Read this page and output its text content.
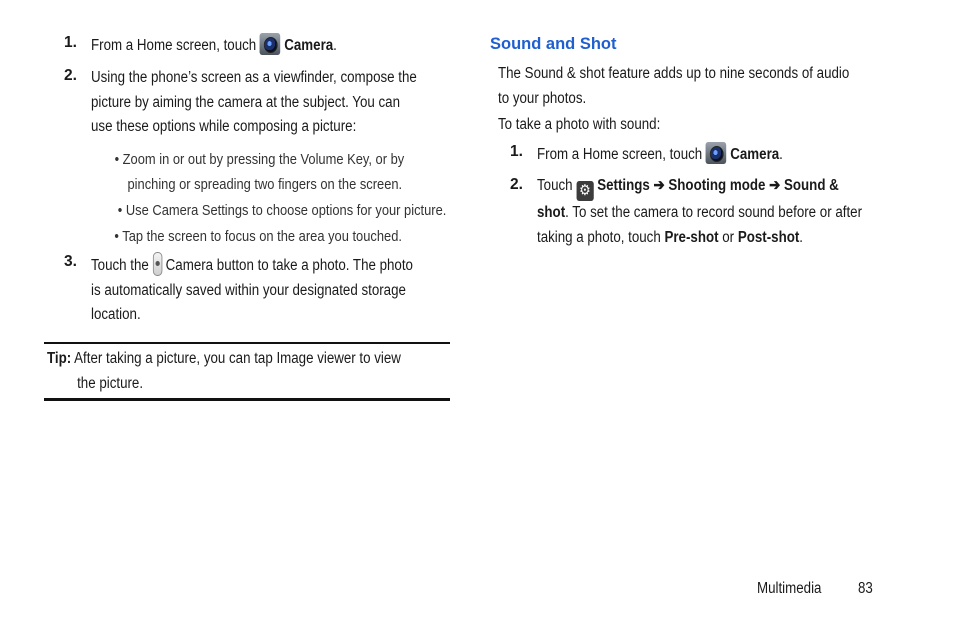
1. From a Home screen, touch Camera.
2. Using the phone’s screen as a viewfinder, compose the
picture by aiming the camera at the subject. You can
use these options while composing a picture:
• Zoom in or out by pressing the Volume Key, or by
pinching or spreading two fingers on the screen.
• Use Camera Settings to choose options for your picture.
• Tap the screen to focus on the area you touched.
3. Touch the Camera button to take a photo. The photo
is automatically saved within your designated storage
location.
Tip: After taking a picture, you can tap Image viewer to view
the picture.
Sound and Shot
The Sound & shot feature adds up to nine seconds of audio
to your photos.
To take a photo with sound:
1. From a Home screen, touch Camera.
2. Touch ⚙ Settings ➔ Shooting mode ➔ Sound &
shot. To set the camera to record sound before or after
taking a photo, touch Pre-shot or Post-shot.
Multimedia 83
